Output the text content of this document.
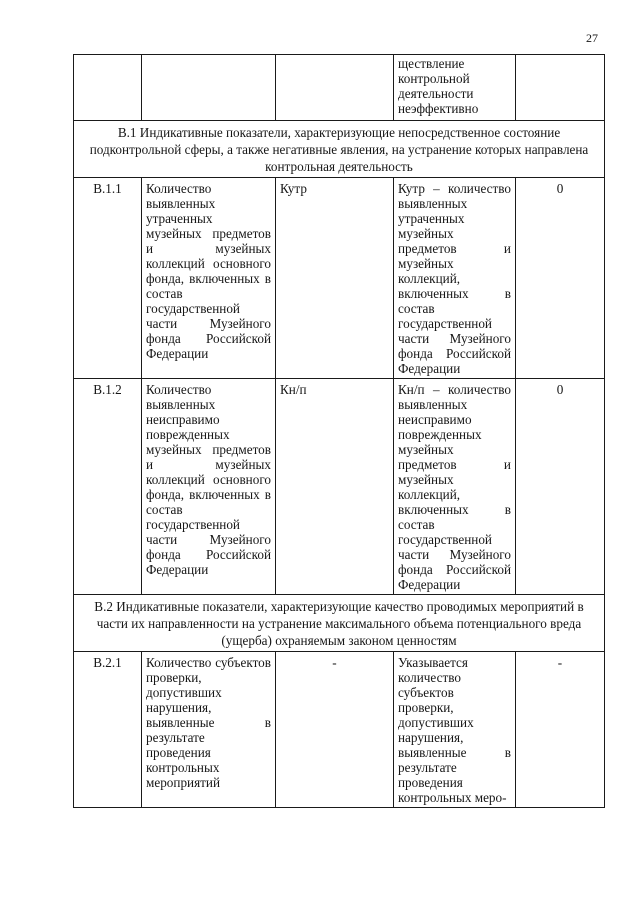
27
			ществление контрольной деятельности неэффективно	
B.1 Индикативные показатели, характеризующие непосредственное состояние подконтрольной сферы, а также негативные явления, на устранение которых направлена контрольная деятельность				
B.1.1	Количество выявленных утраченных музейных предметов и музейных коллекций основного фонда, включенных в состав государственной части Музейного фонда Российской Федерации	Кутр	Кутр – количество выявленных утраченных музейных предметов и музейных коллекций, включенных в состав государственной части Музейного фонда Российской Федерации	0
B.1.2	Количество выявленных неисправимо поврежденных музейных предметов и музейных коллекций основного фонда, включенных в состав государственной части Музейного фонда Российской Федерации	Кн/п	Кн/п – количество выявленных неисправимо поврежденных музейных предметов и музейных коллекций, включенных в состав государственной части Музейного фонда Российской Федерации	0
B.2 Индикативные показатели, характеризующие качество проводимых мероприятий в части их направленности на устранение максимального объема потенциального вреда (ущерба) охраняемым законом ценностям				
B.2.1	Количество субъектов проверки, допустивших нарушения, выявленные в результате проведения контрольных мероприятий	-	Указывается количество субъектов проверки, допустивших нарушения, выявленные в результате проведения контрольных меро-	-
